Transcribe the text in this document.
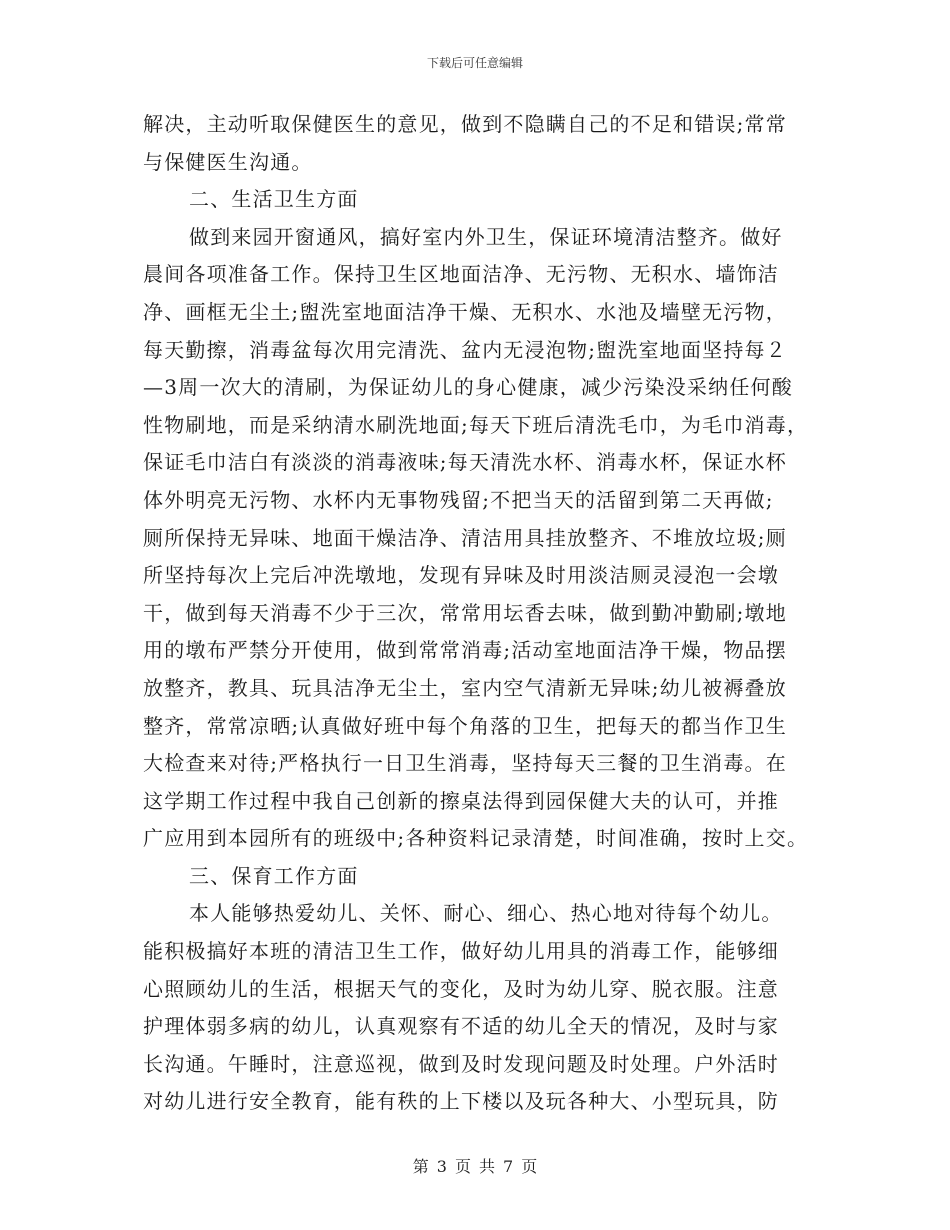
下载后可任意编辑
解决，主动听取保健医生的意见，做到不隐瞒自己的不足和错误;常常
与保健医生沟通。
二、生活卫生方面
做到来园开窗通风，搞好室内外卫生，保证环境清洁整齐。做好
晨间各项准备工作。保持卫生区地面洁净、无污物、无积水、墙饰洁
净、画框无尘土;盥洗室地面洁净干燥、无积水、水池及墙壁无污物，
每天勤擦，消毒盆每次用完清洗、盆内无浸泡物;盥洗室地面坚持每２
—3周一次大的清刷，为保证幼儿的身心健康，减少污染没采纳任何酸
性物刷地，而是采纳清水刷洗地面;每天下班后清洗毛巾，为毛巾消毒，
保证毛巾洁白有淡淡的消毒液味;每天清洗水杯、消毒水杯，保证水杯
体外明亮无污物、水杯内无事物残留;不把当天的活留到第二天再做;
厕所保持无异味、地面干燥洁净、清洁用具挂放整齐、不堆放垃圾;厕
所坚持每次上完后冲洗墩地，发现有异味及时用淡洁厕灵浸泡一会墩
干，做到每天消毒不少于三次，常常用坛香去味，做到勤冲勤刷;墩地
用的墩布严禁分开使用，做到常常消毒;活动室地面洁净干燥，物品摆
放整齐，教具、玩具洁净无尘土，室内空气清新无异味;幼儿被褥叠放
整齐，常常凉晒;认真做好班中每个角落的卫生，把每天的都当作卫生
大检查来对待;严格执行一日卫生消毒，坚持每天三餐的卫生消毒。在
这学期工作过程中我自己创新的擦桌法得到园保健大夫的认可，并推
广应用到本园所有的班级中;各种资料记录清楚，时间准确，按时上交。
三、保育工作方面
本人能够热爱幼儿、关怀、耐心、细心、热心地对待每个幼儿。
能积极搞好本班的清洁卫生工作，做好幼儿用具的消毒工作，能够细
心照顾幼儿的生活，根据天气的变化，及时为幼儿穿、脱衣服。注意
护理体弱多病的幼儿，认真观察有不适的幼儿全天的情况，及时与家
长沟通。午睡时，注意巡视，做到及时发现问题及时处理。户外活时
对幼儿进行安全教育，能有秩的上下楼以及玩各种大、小型玩具，防
第 3 页 共 7 页
